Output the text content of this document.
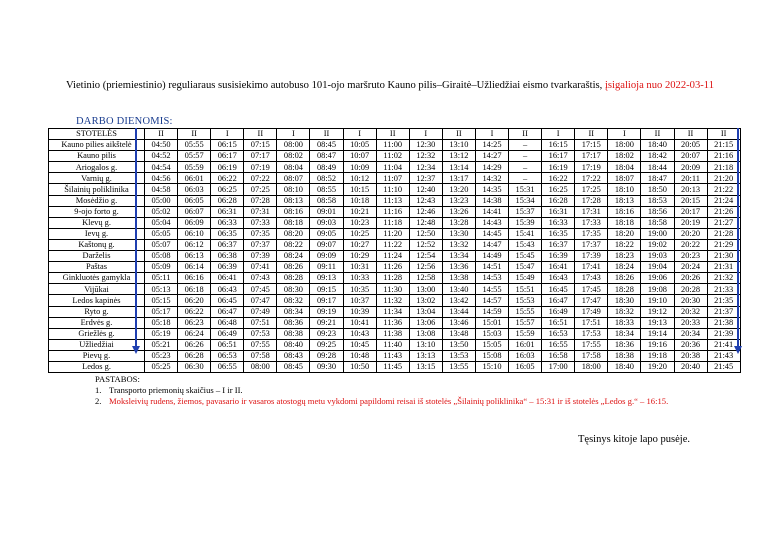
Vietinio (priemiestinio) reguliaraus susisiekimo autobuso 101-ojo maršruto Kauno pilis–Giraitė–Užliedžiai eismo tvarkaraštis, įsigalioja nuo 2022-03-11
DARBO DIENOMIS:
STOTELĖS	II	II	I	II	I	II	I	II	I	II	I	II	I	II	I	II	II	II
Kauno pilies aikštelė	04:50	05:55	06:15	07:15	08:00	08:45	10:05	11:00	12:30	13:10	14:25	–	16:15	17:15	18:00	18:40	20:05	21:15
Kauno pilis	04:52	05:57	06:17	07:17	08:02	08:47	10:07	11:02	12:32	13:12	14:27	–	16:17	17:17	18:02	18:42	20:07	21:16
Ariogalos g.	04:54	05:59	06:19	07:19	08:04	08:49	10:09	11:04	12:34	13:14	14:29	–	16:19	17:19	18:04	18:44	20:09	21:18
Varnių g.	04:56	06:01	06:22	07:22	08:07	08:52	10:12	11:07	12:37	13:17	14:32	–	16:22	17:22	18:07	18:47	20:11	21:20
Šilainių poliklinika	04:58	06:03	06:25	07:25	08:10	08:55	10:15	11:10	12:40	13:20	14:35	15:31	16:25	17:25	18:10	18:50	20:13	21:22
Mosėdžio g.	05:00	06:05	06:28	07:28	08:13	08:58	10:18	11:13	12:43	13:23	14:38	15:34	16:28	17:28	18:13	18:53	20:15	21:24
9-ojo forto g.	05:02	06:07	06:31	07:31	08:16	09:01	10:21	11:16	12:46	13:26	14:41	15:37	16:31	17:31	18:16	18:56	20:17	21:26
Klevų g.	05:04	06:09	06:33	07:33	08:18	09:03	10:23	11:18	12:48	13:28	14:43	15:39	16:33	17:33	18:18	18:58	20:19	21:27
Ievų g.	05:05	06:10	06:35	07:35	08:20	09:05	10:25	11:20	12:50	13:30	14:45	15:41	16:35	17:35	18:20	19:00	20:20	21:28
Kaštonų g.	05:07	06:12	06:37	07:37	08:22	09:07	10:27	11:22	12:52	13:32	14:47	15:43	16:37	17:37	18:22	19:02	20:22	21:29
Darželis	05:08	06:13	06:38	07:39	08:24	09:09	10:29	11:24	12:54	13:34	14:49	15:45	16:39	17:39	18:23	19:03	20:23	21:30
Paštas	05:09	06:14	06:39	07:41	08:26	09:11	10:31	11:26	12:56	13:36	14:51	15:47	16:41	17:41	18:24	19:04	20:24	21:31
Ginkluotės gamykla	05:11	06:16	06:41	07:43	08:28	09:13	10:33	11:28	12:58	13:38	14:53	15:49	16:43	17:43	18:26	19:06	20:26	21:32
Vijūkai	05:13	06:18	06:43	07:45	08:30	09:15	10:35	11:30	13:00	13:40	14:55	15:51	16:45	17:45	18:28	19:08	20:28	21:33
Ledos kapinės	05:15	06:20	06:45	07:47	08:32	09:17	10:37	11:32	13:02	13:42	14:57	15:53	16:47	17:47	18:30	19:10	20:30	21:35
Ryto g.	05:17	06:22	06:47	07:49	08:34	09:19	10:39	11:34	13:04	13:44	14:59	15:55	16:49	17:49	18:32	19:12	20:32	21:37
Erdvės g.	05:18	06:23	06:48	07:51	08:36	09:21	10:41	11:36	13:06	13:46	15:01	15:57	16:51	17:51	18:33	19:13	20:33	21:38
Griežlės g.	05:19	06:24	06:49	07:53	08:38	09:23	10:43	11:38	13:08	13:48	15:03	15:59	16:53	17:53	18:34	19:14	20:34	21:39
Užliedžiai	05:21	06:26	06:51	07:55	08:40	09:25	10:45	11:40	13:10	13:50	15:05	16:01	16:55	17:55	18:36	19:16	20:36	21:41
Pievų g.	05:23	06:28	06:53	07:58	08:43	09:28	10:48	11:43	13:13	13:53	15:08	16:03	16:58	17:58	18:38	19:18	20:38	21:43
Ledos g.	05:25	06:30	06:55	08:00	08:45	09:30	10:50	11:45	13:15	13:55	15:10	16:05	17:00	18:00	18:40	19:20	20:40	21:45
PASTABOS:
1. Transporto priemonių skaičius – I ir II.
2. Moksleivių rudens, žiemos, pavasario ir vasaros atostogų metu vykdomi papildomi reisai iš stotelės „Šilainių poliklinika“ – 15:31 ir iš stotelės „Ledos g.“ – 16:15.
Tęsinys kitoje lapo pusėje.
